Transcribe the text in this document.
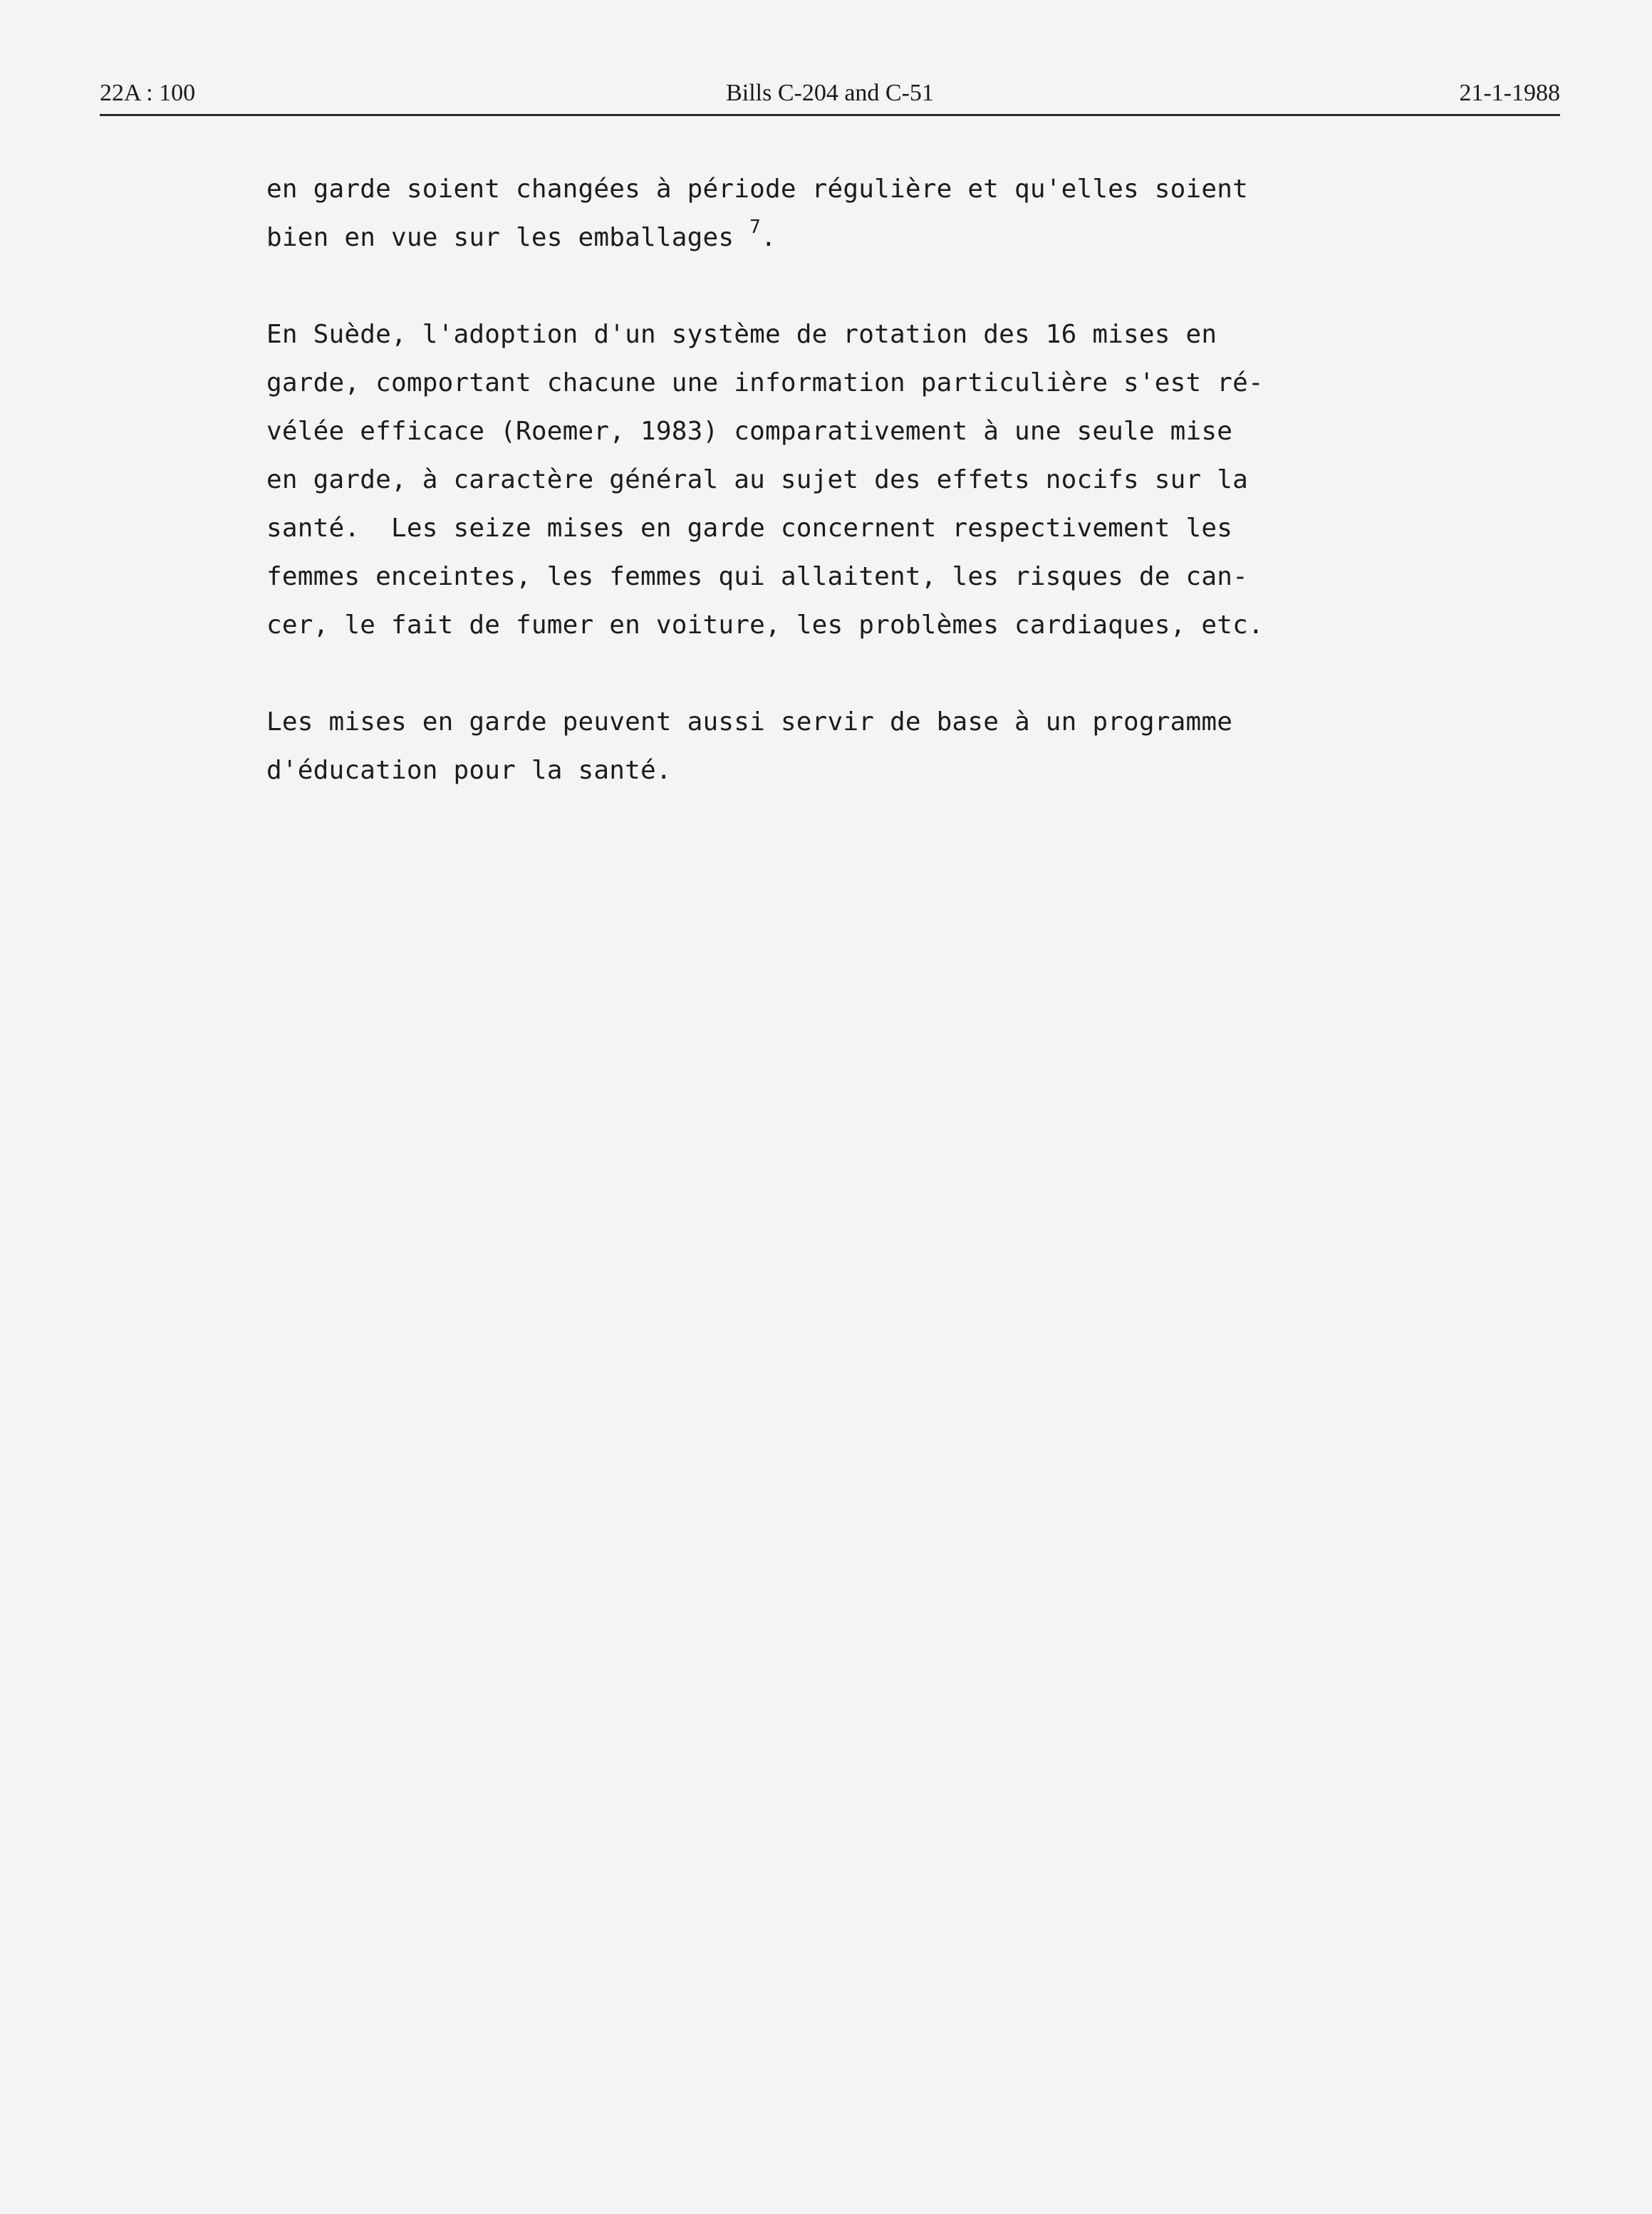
22A : 100	Bills C-204 and C-51	21-1-1988

en garde soient changées à période régulière et qu'elles soient
bien en vue sur les emballages $^7$.

En Suède, l'adoption d'un système de rotation des 16 mises en
garde, comportant chacune une information particulière s'est ré-
vélée efficace (Roemer, 1983) comparativement à une seule mise
en garde, à caractère général au sujet des effets nocifs sur la
santé.  Les seize mises en garde concernent respectivement les
femmes enceintes, les femmes qui allaitent, les risques de can-
cer, le fait de fumer en voiture, les problèmes cardiaques, etc.

Les mises en garde peuvent aussi servir de base à un programme
d'éducation pour la santé.
